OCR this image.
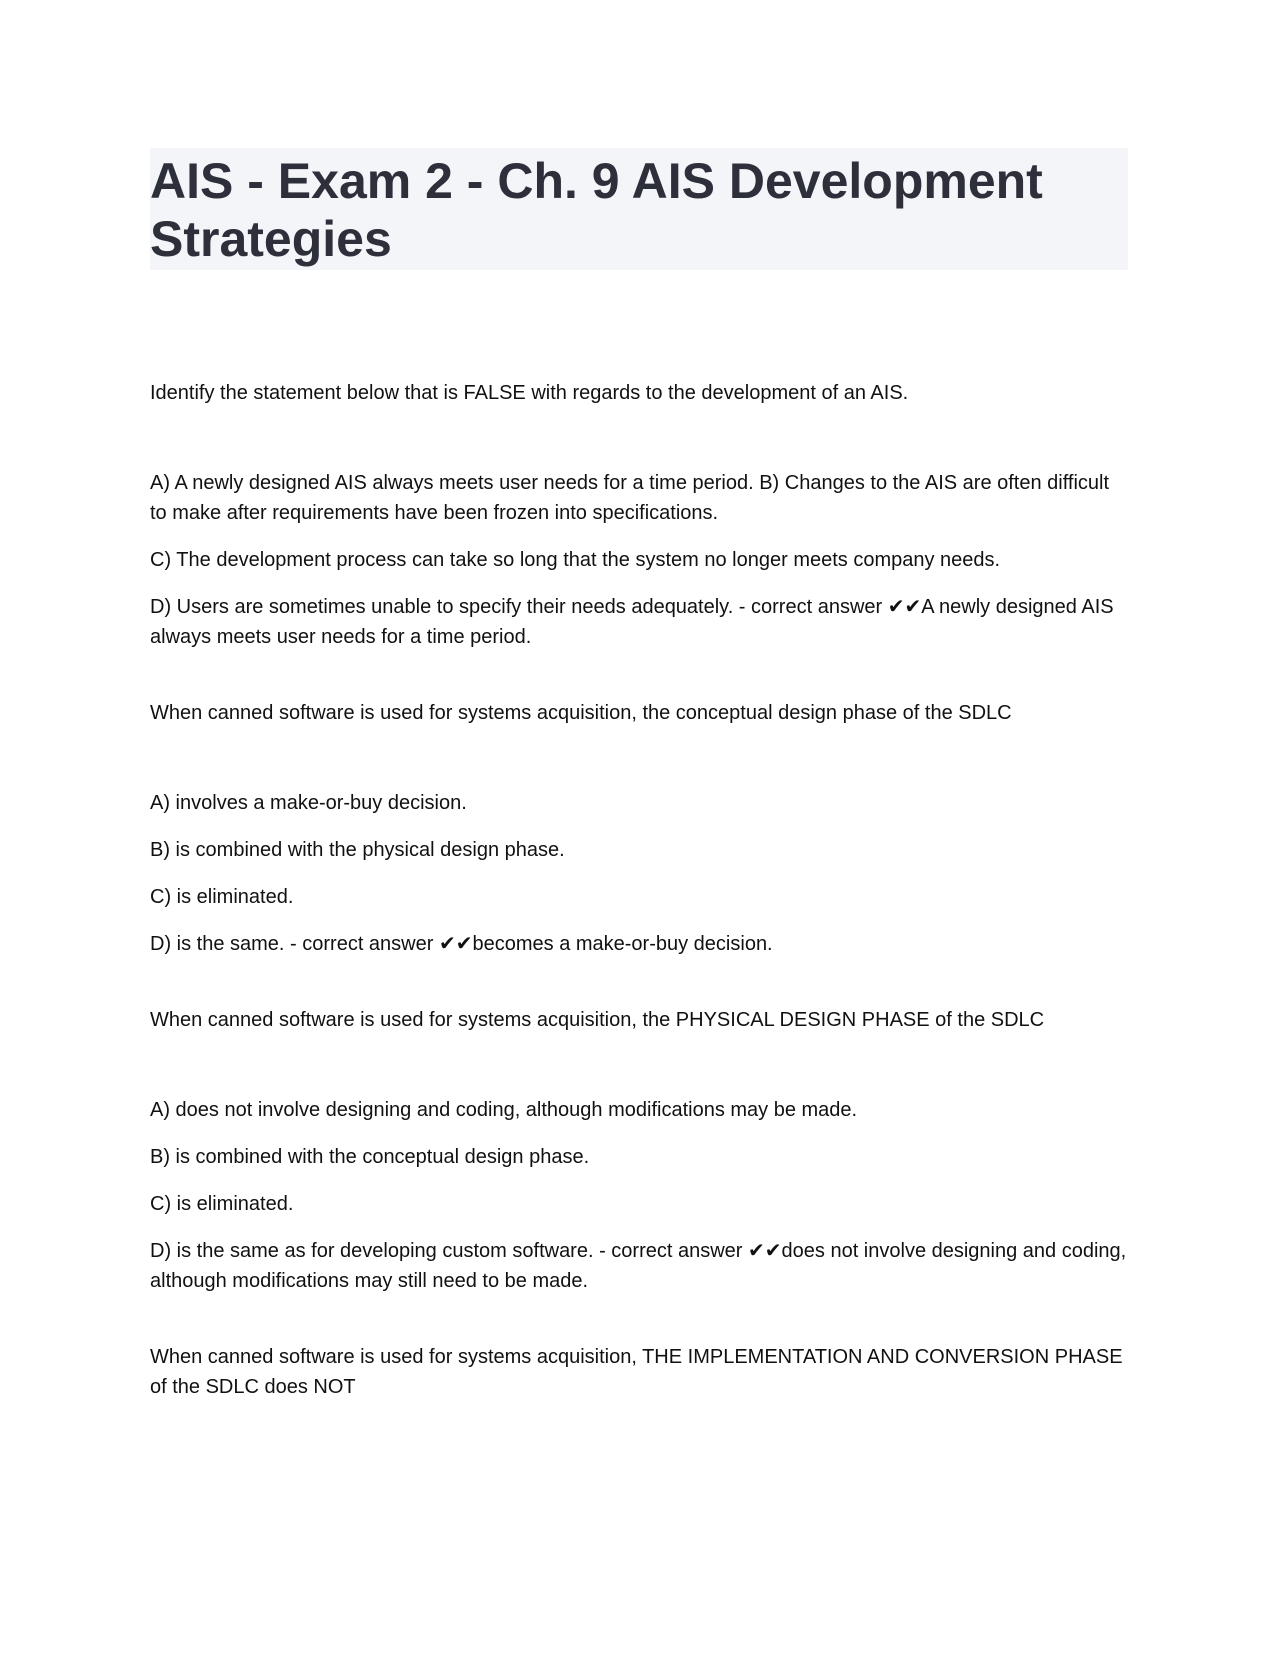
AIS - Exam 2 - Ch. 9 AIS Development Strategies

Identify the statement below that is FALSE with regards to the development of an AIS.

A) A newly designed AIS always meets user needs for a time period. B) Changes to the AIS are often difficult to make after requirements have been frozen into specifications.

C) The development process can take so long that the system no longer meets company needs.

D) Users are sometimes unable to specify their needs adequately. - correct answer ✔✔A newly designed AIS always meets user needs for a time period.

When canned software is used for systems acquisition, the conceptual design phase of the SDLC

A) involves a make-or-buy decision.

B) is combined with the physical design phase.

C) is eliminated.

D) is the same. - correct answer ✔✔becomes a make-or-buy decision.

When canned software is used for systems acquisition, the PHYSICAL DESIGN PHASE of the SDLC

A) does not involve designing and coding, although modifications may be made.

B) is combined with the conceptual design phase.

C) is eliminated.

D) is the same as for developing custom software. - correct answer ✔✔does not involve designing and coding, although modifications may still need to be made.

When canned software is used for systems acquisition, THE IMPLEMENTATION AND CONVERSION PHASE of the SDLC does NOT
